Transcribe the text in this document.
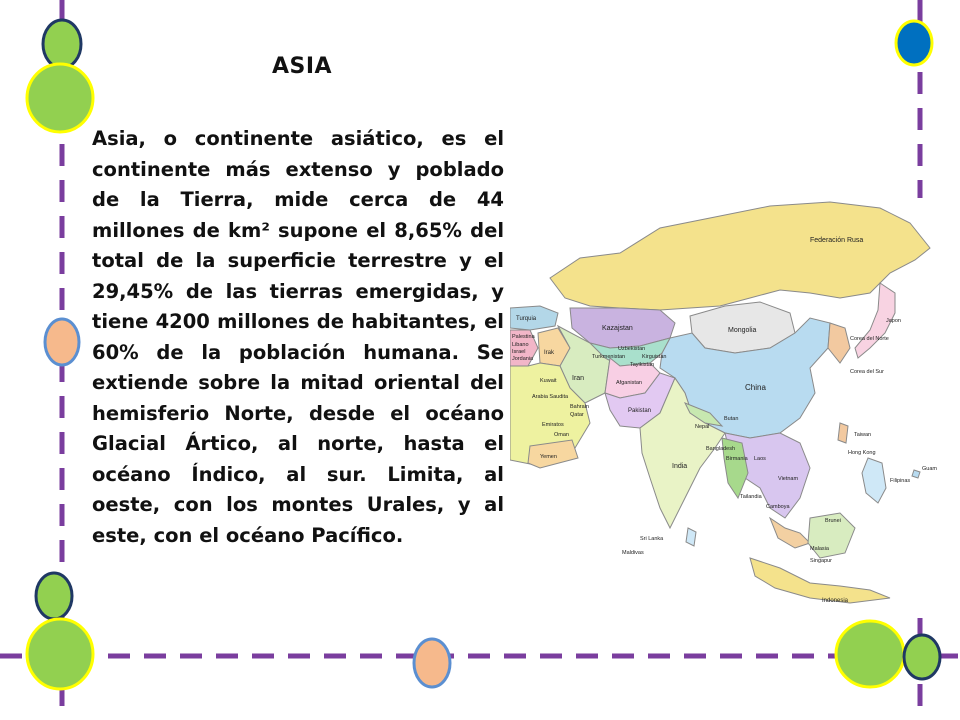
ASIA
Asia, o continente asiático, es el continente más extenso y poblado de la Tierra, mide cerca de 44 millones de km² supone el 8,65% del total de la superficie terrestre y el 29,45% de las tierras emergidas, y tiene 4200 millones de habitantes, el 60% de la población humana. Se extiende sobre la mitad oriental del hemisferio Norte, desde el océano Glacial Ártico, al norte, hasta el océano Índico, al sur. Limita, al oeste, con los montes Urales, y al este, con el océano Pacífico.
Federación Rusa
Kazajstan	Mongolia
China
Turquia
Palestina
Libano
Israel
Jordania
Irak
Iran
Turkmenistan
Uzbekistan
Kirguistan
Tayikistan
Afganistan
Pakistan
Kuwait
Arabia Saudita
Bahrain
Qatar
Emiratos
Oman
Yemen
India
Nepal
Butan
Bangladesh
Birmania Laos
Tailandia
Camboya
Vietnam
Japon
Corea del Norte
Corea del Sur
Taiwan
Hong Kong
Filipinas
Guam
Sri Lanka
Maldivas
Malasia
Singapur
Brunei
Indonesia
